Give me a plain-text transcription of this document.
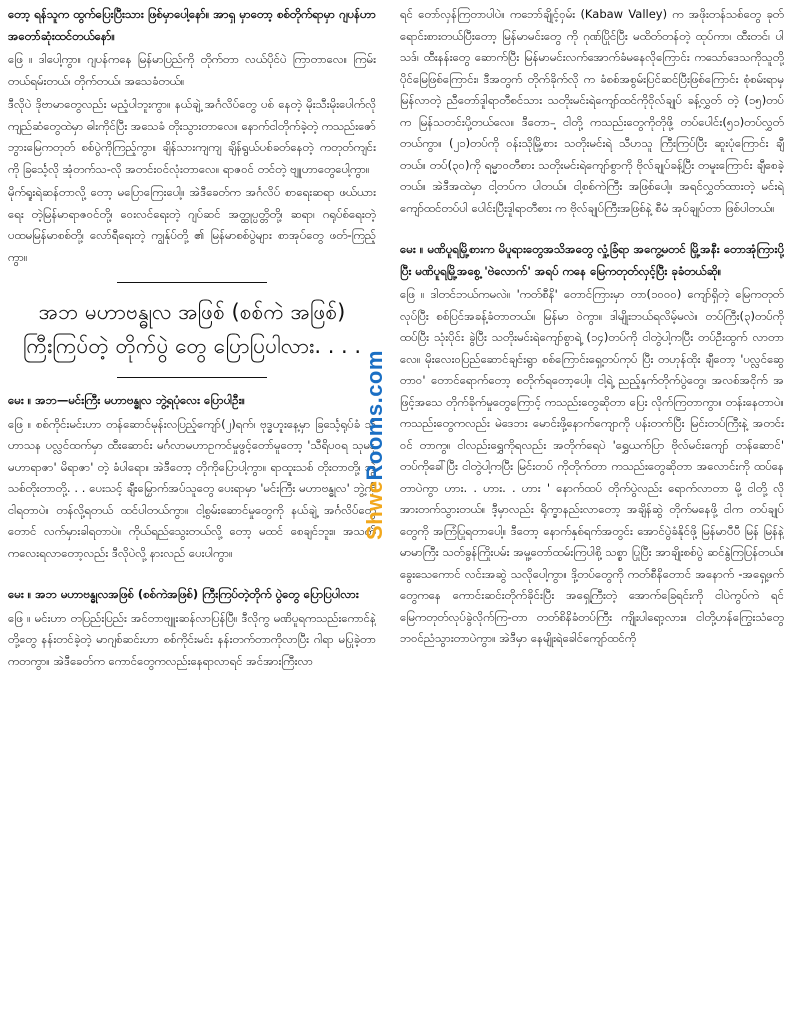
တော့ ရန်သူက ထွက်ပြေးပြီးသား ဖြစ်မှာပေါ့နော်။ အာရှ မှာတော့ စစ်တိုက်ရာမှာ ဂျပန်ဟာ အတော်ဆုံးထင်တယ်နော်။

ဖြေ ။ ဒါပေါ့ကွာ။ ဂျပန်ကနေ မြန်မာပြည်ကို တိုက်တာ လယ်ပိုင်ပဲ ကြာတာလေ။ ကြမ်းတယ်ရမ်းတယ်၊ တိုက်တယ်၊ အသေခံတယ်။

ဒီလိုပဲ ဒိုဗာမာတွေလည်း မညံ့ပါဘူးကွာ။ နယ်ချဲ့ အင်္ဂလိပ်တွေ ပစ် နေတဲ့ မိုးသီးမိုးပေါက်လို ကျည်ဆံတွေထဲမှာ ဓါးကိုင်ပြီး အသေခံ တိုးသွားတာလေ။ နောက်ငါတိုက်ခဲ့တဲ့ ကသည်းဇော်ဘွားမြေကတုတ် စစ်ပွဲကိုကြည့်ကွာ။ ချိန်သားကျကျ ချိန်ရွယ်ပစ်ခတ်နေတဲ့ ကတုတ်ကျင်းကို ခြင်္သေ့လို အုံတက်သ-လို အတင်းဝင်လုံးတာလေ။ ရာဇဝင် တင်တဲ့ ဗျူဟာတွေပေါ့ကွာ။

မိုက်ရူးရဲဆန်တာလို့ တော့ မပြောကြေးပေါ့။ အဲဒီခေတ်က အင်္ဂလိပ် စာရေးဆရာ ဖယ်ယားရေး တဲ့မြန်မာရာဇဝင်တို့၊ ဝေးလင်ရေးတဲ့ ဂျပ်ဆင် အတ္ထုပ္ပတ္တိတို့၊ ဆရာ၊ ဂရုပ်စ်ရေးတဲ့ ပထမမြန်မာစစ်တို့၊ လော်ရီရေးတဲ့ ကျွန်ုပ်တို့ ၏ မြန်မာစစ်ပွဲများ စာအုပ်တွေ ဖတ်-ကြည့်ကွာ။

အဘ မဟာဗန္ဓုလ အဖြစ် (စစ်ကဲ အဖြစ်) ကြီးကြပ်တဲ့ တိုက်ပွဲ တွေ ပြောပြပါလား. . . .

မေး ။ အဘ—မင်းကြီး မဟာဗန္ဓုလ ဘွဲ့ရပုံလေး ပြောပါဦး။

ဖြေ ။ စစ်ကိုင်းမင်းဟာ တန်ဆောင်မုန်းလပြည့်ကျော်(၂)ရက်၊ ဗုဒ္ဓဟူးနေ့မှာ ခြင်္သေ့ရုပ်ခံ သီဟာသန ပလ္လင်ထက်မှာ ထီးဆောင်း မင်္ဂလာမဟာဥကင်မှုဖွင့်တော်မူတော့ 'သီရိပဝရ သုမနု မဟာရာဇာ' မိရာဇာ' တဲ့ ခံပါရော။ အဲဒီတော့ တိုကိုပြောပါ့ကွာ။ ရာထူးသစ် တိုးတာတို့၊ ဘွဲ့ သစ်တိုးတာတို့. . . ပေးသင့် ချီးမြှောက်အပ်သူတွေ ပေးရာမှာ 'မင်းကြီး မဟာဗန္ဓုလ' ဘွဲ့ကို ငါရတာပဲ။ တန်လို့ရတယ် ထင်ပါတယ်ကွာ။ ငါ့စွမ်းဆောင်မှုတွေကို နယ်ချဲ့ အင်္ဂလိပ်တွေ တောင် လက်မှားခါရတာပဲ။ ကိုယ်ရည်သွေးတယ်လို့ တော့ မထင် စေချင်ဘူး။ အသက်ကလေးရလာတော့လည်း ဒီလိုပဲလို့ နားလည် ပေးပါကွာ။

မေး ။ အဘ မဟာဗန္ဓုလအဖြစ် (စစ်ကဲအဖြစ်) ကြီးကြပ်တဲ့တိုက် ပွဲတွေ ပြောပြပါလား

ဖြေ ။ မင်းဟာ တပြည်းပြည်း အင်တာဗျူးဆန်လာပြန်ပြီ။ ဒီလိုကွ မဏိပူရကသည်းကောင်နဲ့ တို့တွေ နန်းတင်ခဲ့တဲ့ မာဂျစ်ဆင်းဟာ စစ်ကိုင်းမင်း နန်းတက်တာကိုလာပြီး ဂါရာ မပြုခဲ့တာကတကွာ။ အဲဒီခေတ်က ကောင်တွေကလည်းနေရာလာရင် အင်အားကြီးလာ

ShweRooms.com

ရင် တော်လှန်ကြတာပါပဲ။ ကဘော်ချိုင့်ဝှမ်း (Kabaw Valley) က အဖိုးတန်သစ်တွေ ခုတ်ရောင်းစားတယ်ပြီးတော့ မြန်မာမင်းတွေ ကို ဂုဏ်ပြိုင်ပြီး မထိတ်တန်တဲ့ ထုပ်ကာ၊ ထီးတင်၊ ပါသဒ်၊ ထီးနန်းတွေ ဆောက်ပြီး မြန်မာမင်းလက်အောက်ခံမနေလိုကြောင်း ကသော်ဒေသကိုသူတို့ပိုင်မြေဖြစ်ကြောင်း၊ ဒီအတွက် တိုက်ခိုက်လို က ခံစစ်အစွမ်းပြင်ဆင်ပြီးဖြစ်ကြောင်း စုံစမ်းရာမှမြန်လာတဲ့ ညီတော်ဒူါရာတီစင်သား သတိုးမင်းရဲကျော်ထင်ကိုဝိုလ်ချုပ် ခန့်လွှတ် တဲ့ (၁၅)တပ်က မြန်သတင်းပို့တယ်လေ။ ဒီတော-့ ငါတို့ ကသည်းတွေကိုတိုဖို့ တပ်ပေါင်း(၅၁)တပ်လွှတ် တယ်ကွာ။ (၂၁)တပ်ကို ဝန်းသိုမြို့စား သတိုးမင်းရဲ သီဟသူ ကြီးကြပ်ပြီး ဆူးပုံကြောင်း ချီတယ်။ တပ်(၃၀)ကို ရမ္မာဝတီစား သတိုးမင်းရဲကျော်စွာကို ဗိုလ်ချုပ်ခန့်ပြီး တမူးကြောင်း ချီစေခဲ့ တယ်။ အဲဒီအထဲမှာ ငါ့တပ်က ပါတယ်။ ငါ့စစ်ကဲကြီး အဖြစ်ပေါ့။ အရင်လွှတ်ထားတဲ့ မင်းရဲကျော်ထင်တပ်ပါ ပေါင်းပြီးဒူါရာတီစား က ဗိုလ်ချုပ်ကြီးအဖြစ်နဲ့ စီမံ အုပ်ချုပ်တာ ဖြစ်ပါတယ်။

မေး ။ မဏိပူရမြို့စားက မိပူရားတွေအသိအတွေ လှုံ့ခြံရာ အကွေ့မတင် မြို့အနီး တောအုံကြားပို့ပြီး မဏိပူရမြို့အစွေ့ 'ဗဲလောက်' အရပ် ကနေ မြေကတုတ်လှင့်ပြီး ခုခံတယ်ဆို။

ဖြေ ။ ဒါတင်ဘယ်ကမလဲ။ 'ကတ်စီနိ' တောင်ကြားမှာ တာ(၁၀၀၀) ကျော်ရှိတဲ့ မြေကတုတ်လုပ်ပြီး စစ်ပြင်အခန့်ခံတာတယ်။ မြန်မာ ဝဲကွာ။ ဒါမျိုးဘယ်ရလိမ့်မလဲ။ တပ်ကြီး(၃)တပ်ကို ထပ်ပြီး သုံးပိုင်း ခွဲပြီး သတိုးမင်းရဲကျော်စွာရဲ့ (၁၄)တပ်ကို ငါတွဲပါ့ကပြီး တပ်ဦးထွက် လာတာလေ။ မိုးလေးဝပြည်ဆောင်ချင်းရွာ စစ်ကြောင်းရှေ့တပ်ကုပ် ပြီး တဟုန်ထိုး ချီတော့ 'ပလ္လင်ဆွေတာဝ' တောင်ရောက်တော့ စတိုက်ရတော့ပေါ့။ ငါ့ရဲ့ ညည့်နှက်တိုက်ပွဲတွေ၊ အလစ်အငိုက် အဖြင့်အသေ တိုက်ခိုက်မှုတွေကြောင့် ကသည်းတွေဆိုတာ ပြေး လိုက်ကြတာကွာ။ တန်းနေတာပဲ။ ကသည်းတွေကလည်း မဲဒေဘး မောင်းဖို့နောက်ကျောကို ပန်းတက်ပြီး မြင်းတပ်ကြီးနဲ့ အတင်းဝင် တာကွ။ ငါလည်းရွှေကိုရလည်း အတိုက်ရေပဲ 'ရွှေယက်ပြာ ဗိုလ်မင်းကျော် တန်ဆောင်' တပ်ကိုခေါ်ပြီး ငါတွဲပါ့ကပြီး မြင်းတပ် ကိုတိုက်တာ ကသည်းတွေဆိုတာ အလောင်းကို ထပ်နေတာပဲကွာ ဟား. . ဟား. . ဟား ' နောက်ထပ် တိုက်ပွဲလည်း ရောက်လာတာ မို့ ငါတို့ လိုအားတက်သွားတယ်။ ဒီ့မှာလည်း ရိုက္ခာနည်းလာတော့ အချိန်ဆွဲ တိုက်မနေဖို့ ငါက တပ်ချုပ်တွေကို အကြံပြုရတာပေါ့။ ဒီတော့ နောက်နှစ်ရက်အတွင်း အောင်ပွဲခံနိုင်ဖို့ မြန်မာပီပီ မြန် မြန်နဲ့ မာမာကြီး သတ်ခွန်ကြိုးပမ်း အမူ့တော်ထမ်းကြပါစို့ သစ္စာ ပြုပြီး အာချိုးစစ်ပွဲ ဆင်နွဲကြပြန်တယ်။ ခွေးသေကောင် လင်းအဆွဲ သလိုပေါ့ကွာ။ ဒို့တပ်တွေကို ကတ်စီနိတောင် အနောက် -အရှေ့ဖက်တွေကနေ ကောင်းဆင်းတိုက်ခိုင်းပြီး အရှေ့ကြီးတဲ့ အောက်ခြေရင်းကို ငါပဲကွပ်ကဲ ရင်မြေကတုတ်လုပ်ခွဲလိုက်ကြ-တာ တတ်စိနိခံတပ်ကြီး ကျိုးပါရော့လား။ ငါတို့ဟန်ကြွေးသံတွေ ဘဝင်ညံသွားတာပဲကွာ။ အဲဒီမှာ နေမျိုးရဲခေါင်ကျော်ထင်ကို
